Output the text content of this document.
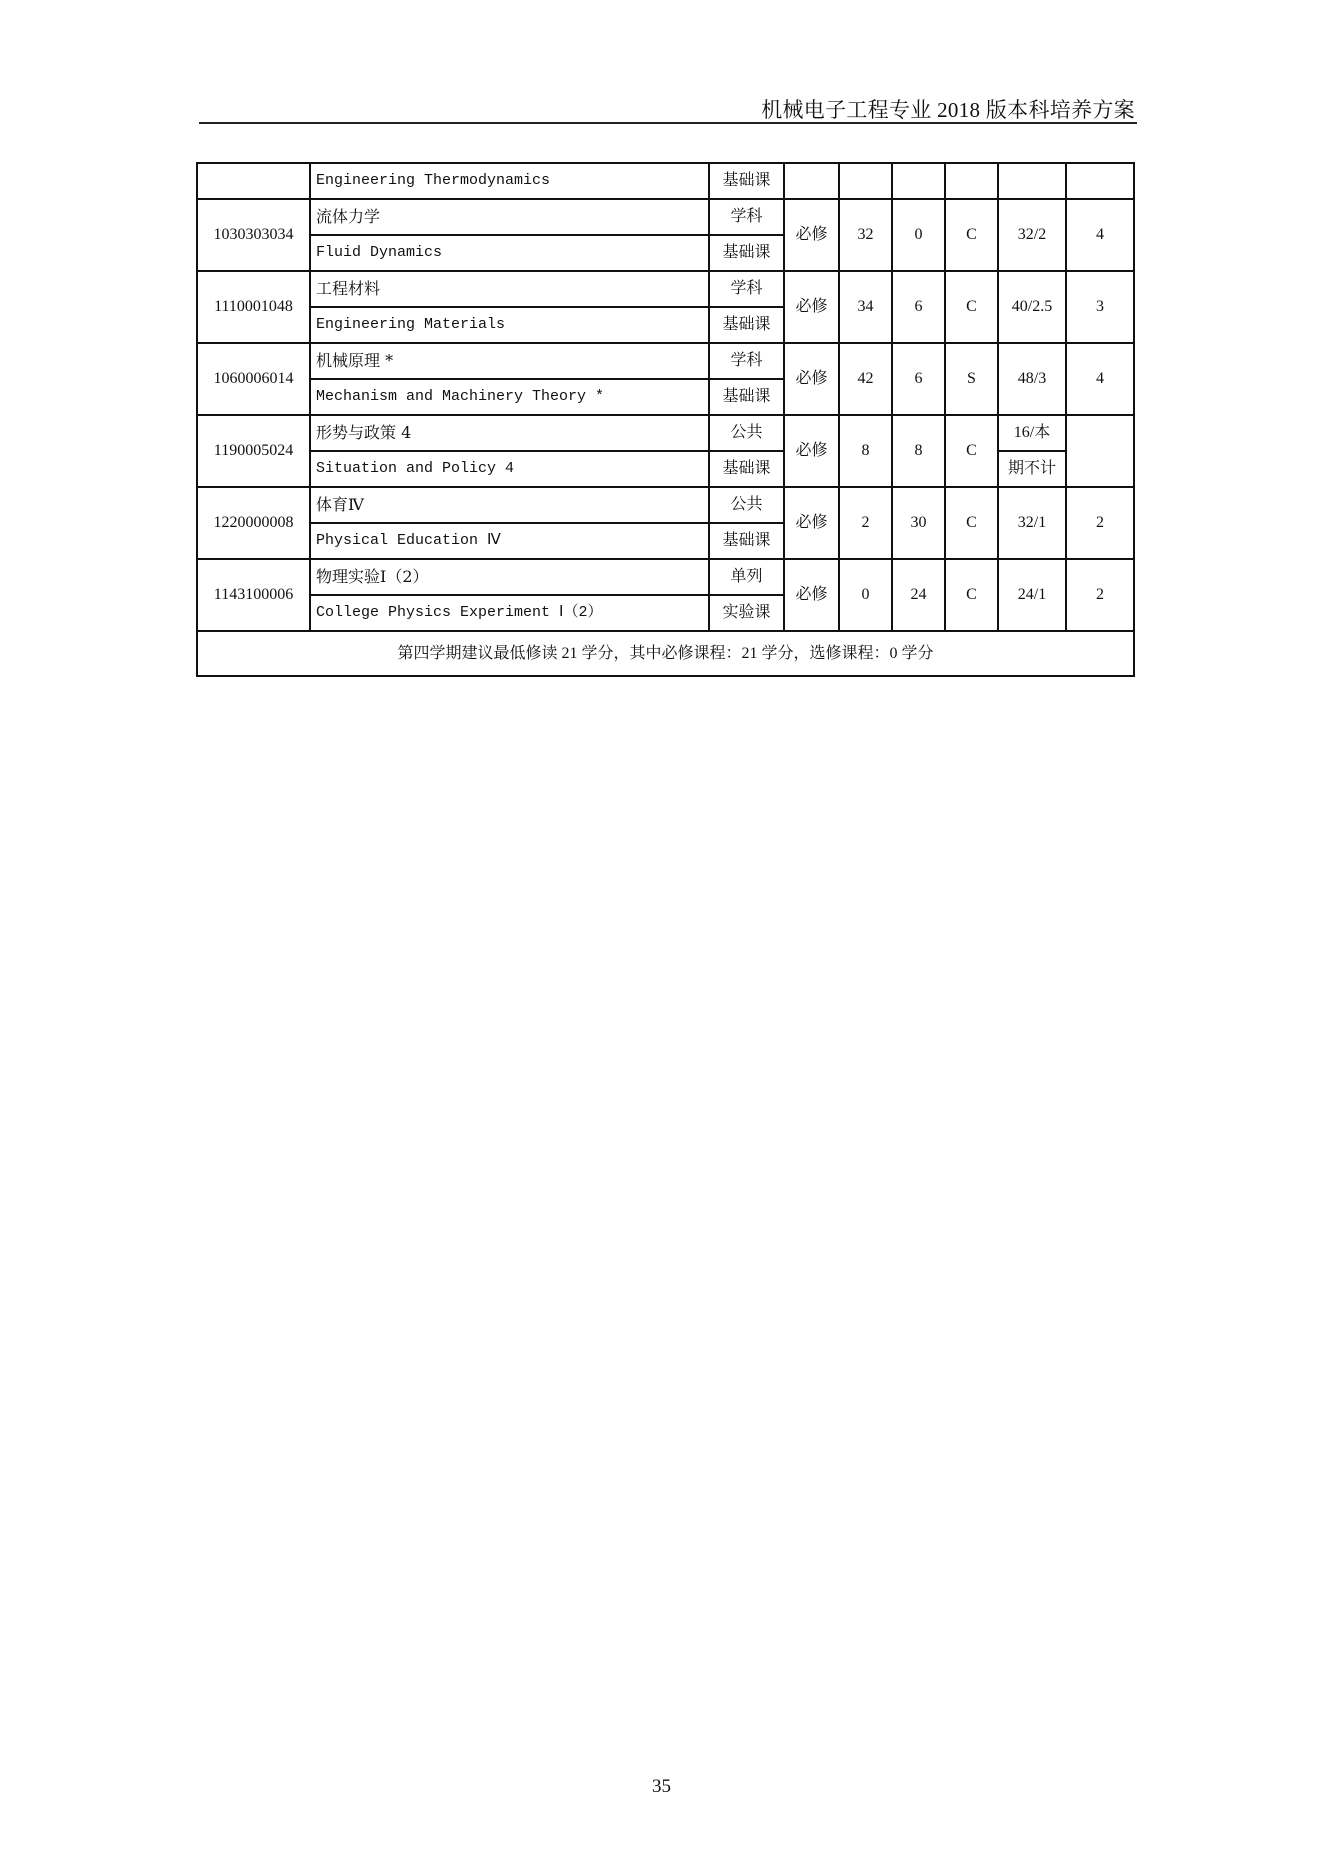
机械电子工程专业 2018 版本科培养方案
	Engineering Thermodynamics	基础课						
1030303034	流体力学	学科	必修	32	0	C	32/2	4
	Fluid Dynamics	基础课						
1110001048	工程材料	学科	必修	34	6	C	40/2.5	3
	Engineering Materials	基础课						
1060006014	机械原理 *	学科	必修	42	6	S	48/3	4
	Mechanism and Machinery Theory *	基础课						
1190005024	形势与政策 4	公共	必修	8	8	C	16/本	
	Situation and Policy 4	基础课					期不计	
1220000008	体育Ⅳ	公共	必修	2	30	C	32/1	2
	Physical Education Ⅳ	基础课						
1143100006	物理实验Ⅰ（2）	单列	必修	0	24	C	24/1	2
	College Physics Experiment Ⅰ（2）	实验课						
第四学期建议最低修读 21 学分，其中必修课程：21 学分，选修课程：0 学分								
35
